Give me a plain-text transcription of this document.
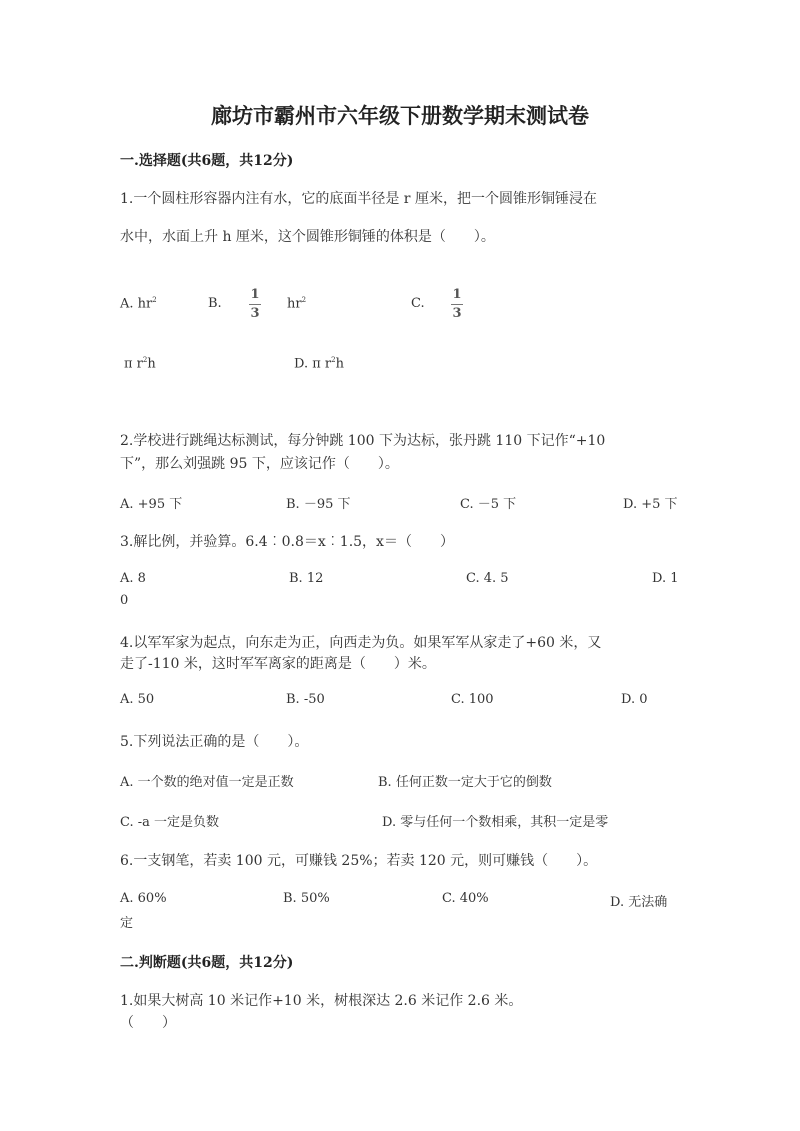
廊坊市霸州市六年级下册数学期末测试卷
一.选择题(共6题，共12分)
1.一个圆柱形容器内注有水，它的底面半径是 r 厘米，把一个圆锥形铜锤浸在
水中，水面上升 h 厘米，这个圆锥形铜锤的体积是（　　）。
A. $hr^2$	B.
1
3
$hr^2$	C.
1
3
π $r^2h$	D. π $r^2h$
2.学校进行跳绳达标测试，每分钟跳 100 下为达标，张丹跳 110 下记作“+10
下”，那么刘强跳 95 下，应该记作（　　）。
A. +95 下	B. －95 下	C. －5 下	D. +5 下
3.解比例，并验算。6.4︰0.8＝x︰1.5，x＝（　　）
A. 8	B. 12	C. 4. 5	D. 1
0
4.以军军家为起点，向东走为正，向西走为负。如果军军从家走了+60 米，又
走了-110 米，这时军军离家的距离是（　　）米。
A. 50	B. -50	C. 100	D. 0
5.下列说法正确的是（　　）。
A. 一个数的绝对值一定是正数	B. 任何正数一定大于它的倒数
C. -a 一定是负数	D. 零与任何一个数相乘，其积一定是零
6.一支钢笔，若卖 100 元，可赚钱 25%；若卖 120 元，则可赚钱（　　）。
A. 60%	B. 50%	C. 40%	D. 无法确
定
二.判断题(共6题，共12分)
1.如果大树高 10 米记作+10 米，树根深达 2.6 米记作 2.6 米。
（　　）
